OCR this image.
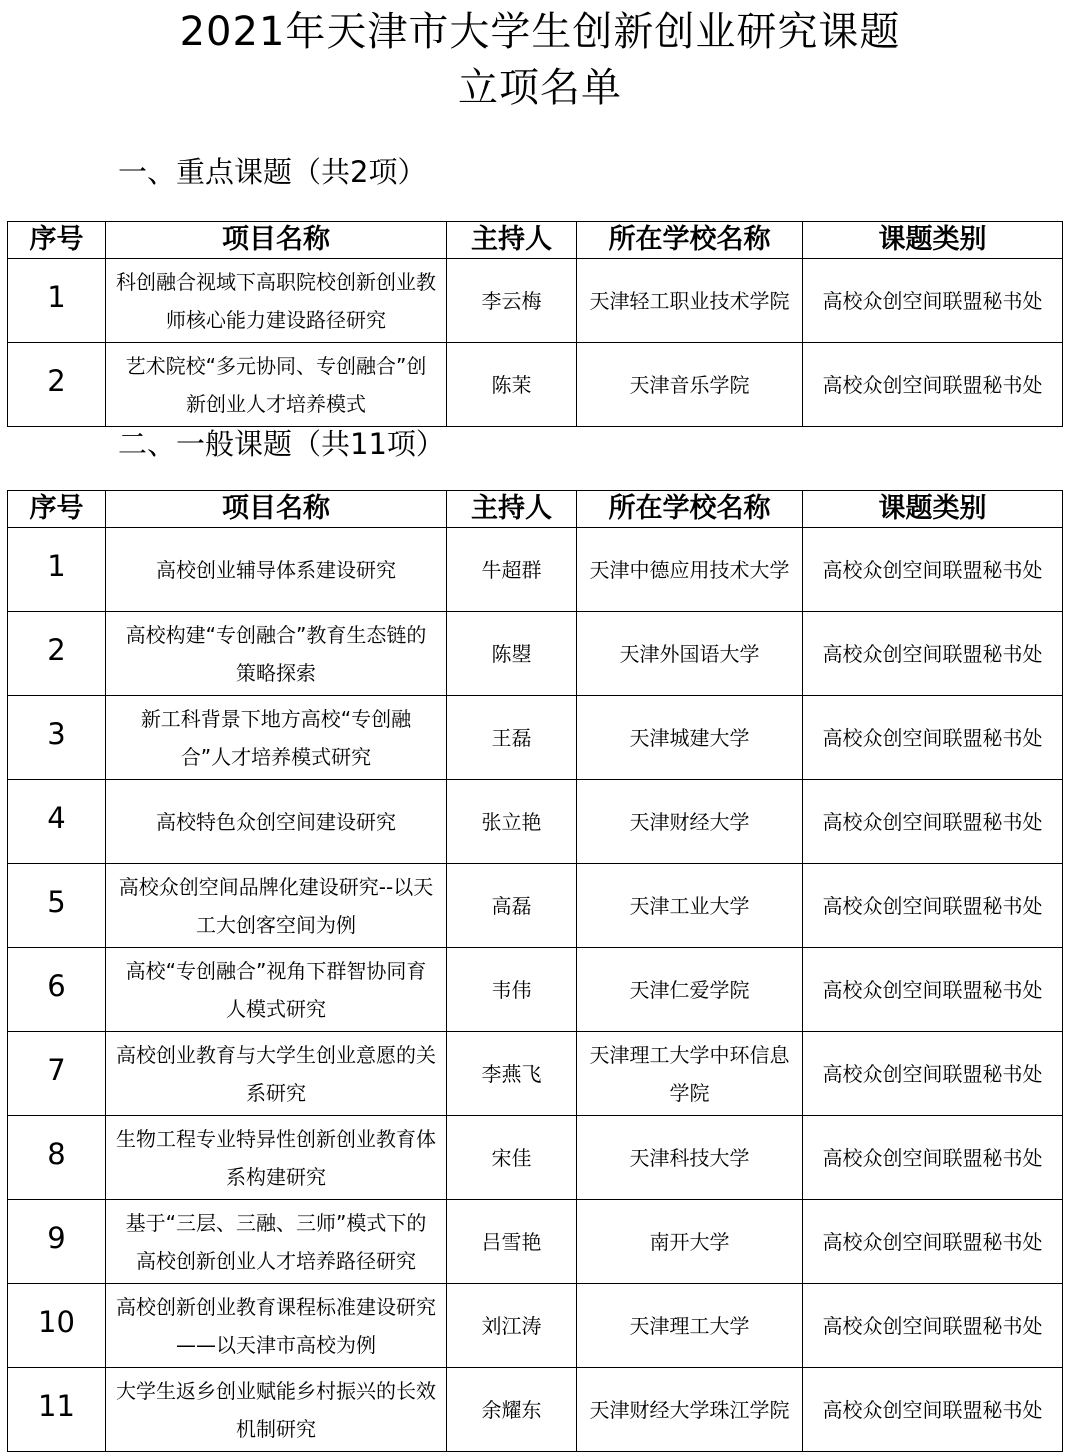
2021年天津市大学生创新创业研究课题
立项名单
一、重点课题（共2项）
序号	项目名称	主持人	所在学校名称	课题类别
1	科创融合视域下高职院校创新创业教师核心能力建设路径研究	李云梅	天津轻工职业技术学院	高校众创空间联盟秘书处
2	艺术院校“多元协同、专创融合”创新创业人才培养模式	陈茉	天津音乐学院	高校众创空间联盟秘书处
二、一般课题（共11项）
序号	项目名称	主持人	所在学校名称	课题类别
1	高校创业辅导体系建设研究	牛超群	天津中德应用技术大学	高校众创空间联盟秘书处
2	高校构建“专创融合”教育生态链的策略探索	陈曌	天津外国语大学	高校众创空间联盟秘书处
3	新工科背景下地方高校“专创融合”人才培养模式研究	王磊	天津城建大学	高校众创空间联盟秘书处
4	高校特色众创空间建设研究	张立艳	天津财经大学	高校众创空间联盟秘书处
5	高校众创空间品牌化建设研究--以天工大创客空间为例	高磊	天津工业大学	高校众创空间联盟秘书处
6	高校“专创融合”视角下群智协同育人模式研究	韦伟	天津仁爱学院	高校众创空间联盟秘书处
7	高校创业教育与大学生创业意愿的关系研究	李燕飞	天津理工大学中环信息学院	高校众创空间联盟秘书处
8	生物工程专业特异性创新创业教育体系构建研究	宋佳	天津科技大学	高校众创空间联盟秘书处
9	基于“三层、三融、三师”模式下的高校创新创业人才培养路径研究	吕雪艳	南开大学	高校众创空间联盟秘书处
10	高校创新创业教育课程标准建设研究——以天津市高校为例	刘江涛	天津理工大学	高校众创空间联盟秘书处
11	大学生返乡创业赋能乡村振兴的长效机制研究	余耀东	天津财经大学珠江学院	高校众创空间联盟秘书处
